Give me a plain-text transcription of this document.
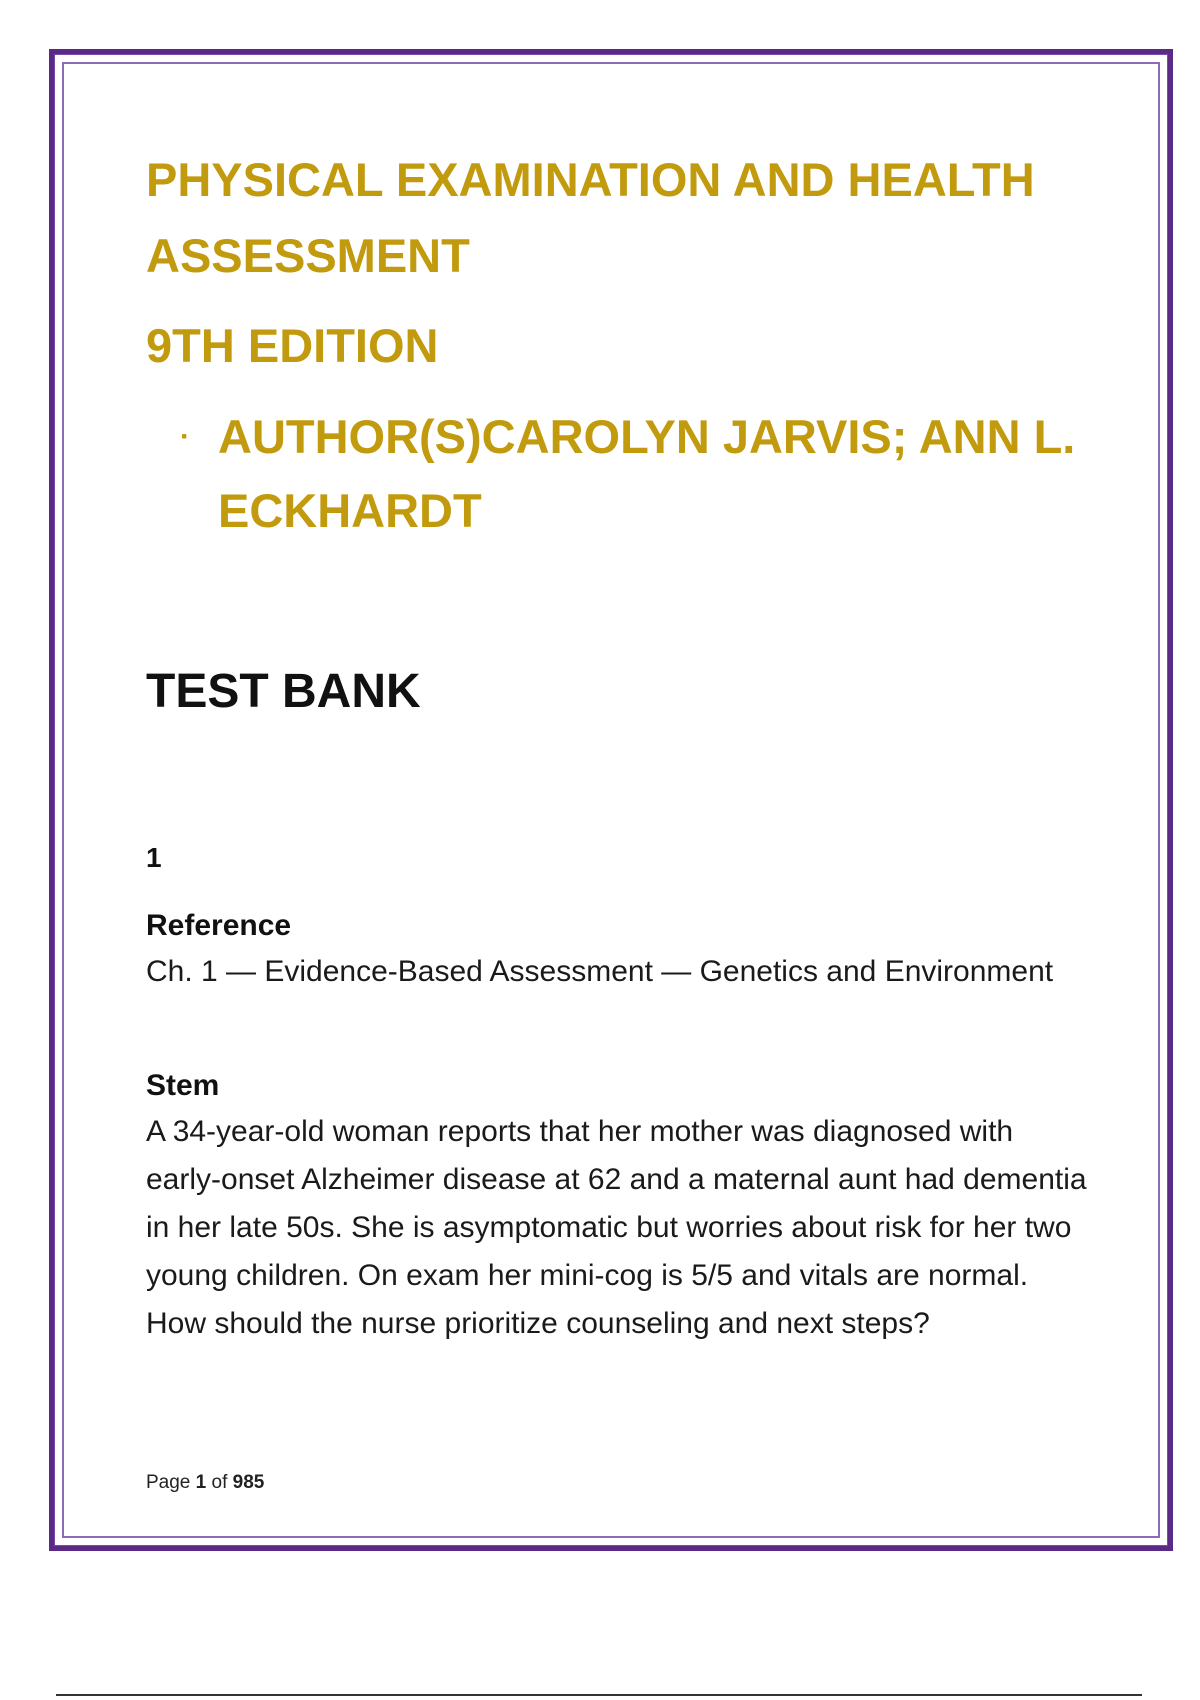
PHYSICAL EXAMINATION AND HEALTH ASSESSMENT
9TH EDITION
· AUTHOR(S)CAROLYN JARVIS; ANN L. ECKHARDT
TEST BANK
1
Reference
Ch. 1 — Evidence-Based Assessment — Genetics and Environment
Stem
A 34-year-old woman reports that her mother was diagnosed with early-onset Alzheimer disease at 62 and a maternal aunt had dementia in her late 50s. She is asymptomatic but worries about risk for her two young children. On exam her mini-cog is 5/5 and vitals are normal. How should the nurse prioritize counseling and next steps?
Page 1 of 985
